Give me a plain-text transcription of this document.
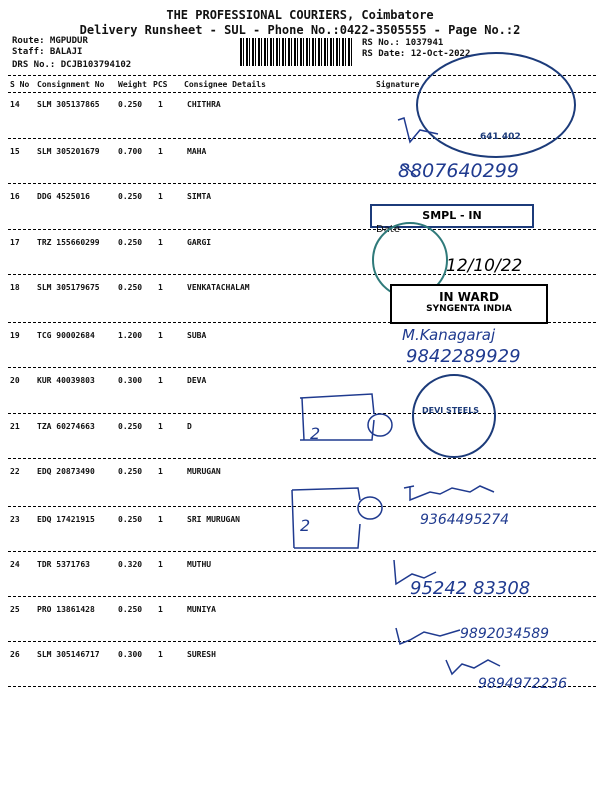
THE PROFESSIONAL COURIERS, Coimbatore
Delivery Runsheet - SUL - Phone No.:0422-3505555 - Page No.:2
Route: MGPUDUR
Staff: BALAJI
DRS No.: DCJB103794102
RS No.: 1037941
RS Date: 12-Oct-2022
S No Consignment No Weight PCS Consignee Details	Signature
14 SLM 305137865 0.250 1	CHITHRA
15 SLM 305201679 0.700 1	MAHA
16 DDG 4525016	0.250 1	SIMTA
17 TRZ 155660299 0.250 1	GARGI
18 SLM 305179675 0.250 1	VENKATACHALAM
19 TCG 90002684	1.200 1	SUBA
20 KUR 40039803	0.300 1	DEVA
21 TZA 60274663	0.250 1	D
22 EDQ 20873490	0.250 1	MURUGAN
23 EDQ 17421915	0.250 1	SRI MURUGAN
24 TDR 5371763	0.320 1	MUTHU
25 PRO 13861428	0.250 1	MUNIYA
26 SLM 305146717 0.300 1	SURESH
641 402
SMPL - IN
Date
12/10/22
IN WARD
SYNGENTA INDIA
DEVI STEELS
8807640299
M.Kanagaraj
9842289929
9364495274
95242 83308
9892034589
9894972236
2
2
